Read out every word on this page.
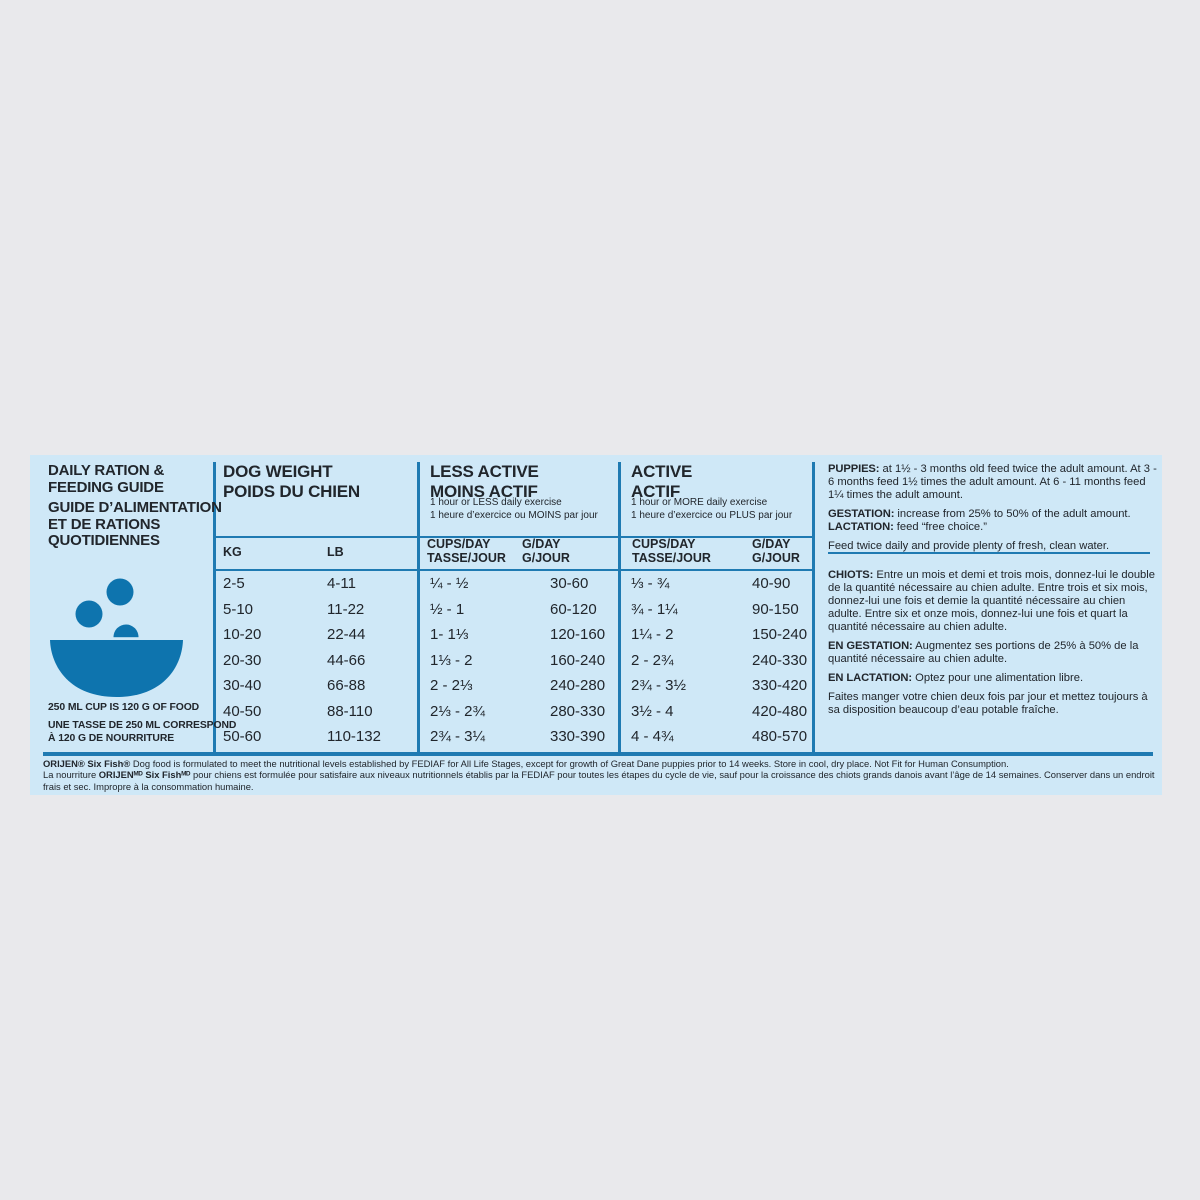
DAILY RATION &
FEEDING GUIDE
GUIDE D’ALIMENTATION
ET DE RATIONS
QUOTIDIENNES
250 ML CUP IS 120 G OF FOOD
UNE TASSE DE 250 ML CORRESPOND
À 120 G DE NOURRITURE
DOG WEIGHT
POIDS DU CHIEN
KG	LB
2-5
5-10
10-20
20-30
30-40
40-50
50-60
4-11
11-22
22-44
44-66
66-88
88-110
110-132
LESS ACTIVE
MOINS ACTIF
1 hour or LESS daily exercise
1 heure d’exercice ou MOINS par jour
CUPS/DAY
TASSE/JOUR
G/DAY
G/JOUR
¼ - ½
½ - 1
1- 1⅓
1⅓ - 2
2 - 2⅓
2⅓ - 2¾
2¾ - 3¼
30-60
60-120
120-160
160-240
240-280
280-330
330-390
ACTIVE
ACTIF
1 hour or MORE daily exercise
1 heure d’exercice ou PLUS par jour
CUPS/DAY
TASSE/JOUR
G/DAY
G/JOUR
⅓ - ¾
¾ - 1¼
1¼ - 2
2 - 2¾
2¾ - 3½
3½ - 4
4 - 4¾
40-90
90-150
150-240
240-330
330-420
420-480
480-570

PUPPIES: at 1½ - 3 months old feed twice the adult amount. At 3 - 6 months feed 1½ times the adult amount. At 6 - 11 months feed 1¼ times the adult amount.

GESTATION: increase from 25% to 50% of the adult amount.

LACTATION: feed “free choice.”

Feed twice daily and provide plenty of fresh, clean water.

CHIOTS: Entre un mois et demi et trois mois, donnez-lui le double de la quantité nécessaire au chien adulte. Entre trois et six mois, donnez-lui une fois et demie la quantité nécessaire au chien adulte. Entre six et onze mois, donnez-lui une fois et quart la quantité nécessaire au chien adulte.

EN GESTATION: Augmentez ses portions de 25% à 50% de la quantité nécessaire au chien adulte.

EN LACTATION: Optez pour une alimentation libre.

Faites manger votre chien deux fois par jour et mettez toujours à sa disposition beaucoup d’eau potable fraîche.

ORIJEN® Six Fish® Dog food is formulated to meet the nutritional levels established by FEDIAF for All Life Stages, except for growth of Great Dane puppies prior to 14 weeks. Store in cool, dry place. Not Fit for Human Consumption.

La nourriture ORIJENᴹᴰ Six Fishᴹᴰ pour chiens est formulée pour satisfaire aux niveaux nutritionnels établis par la FEDIAF pour toutes les étapes du cycle de vie, sauf pour la croissance des chiots grands danois avant l’âge de 14 semaines. Conserver dans un endroit frais et sec. Impropre à la consommation humaine.
